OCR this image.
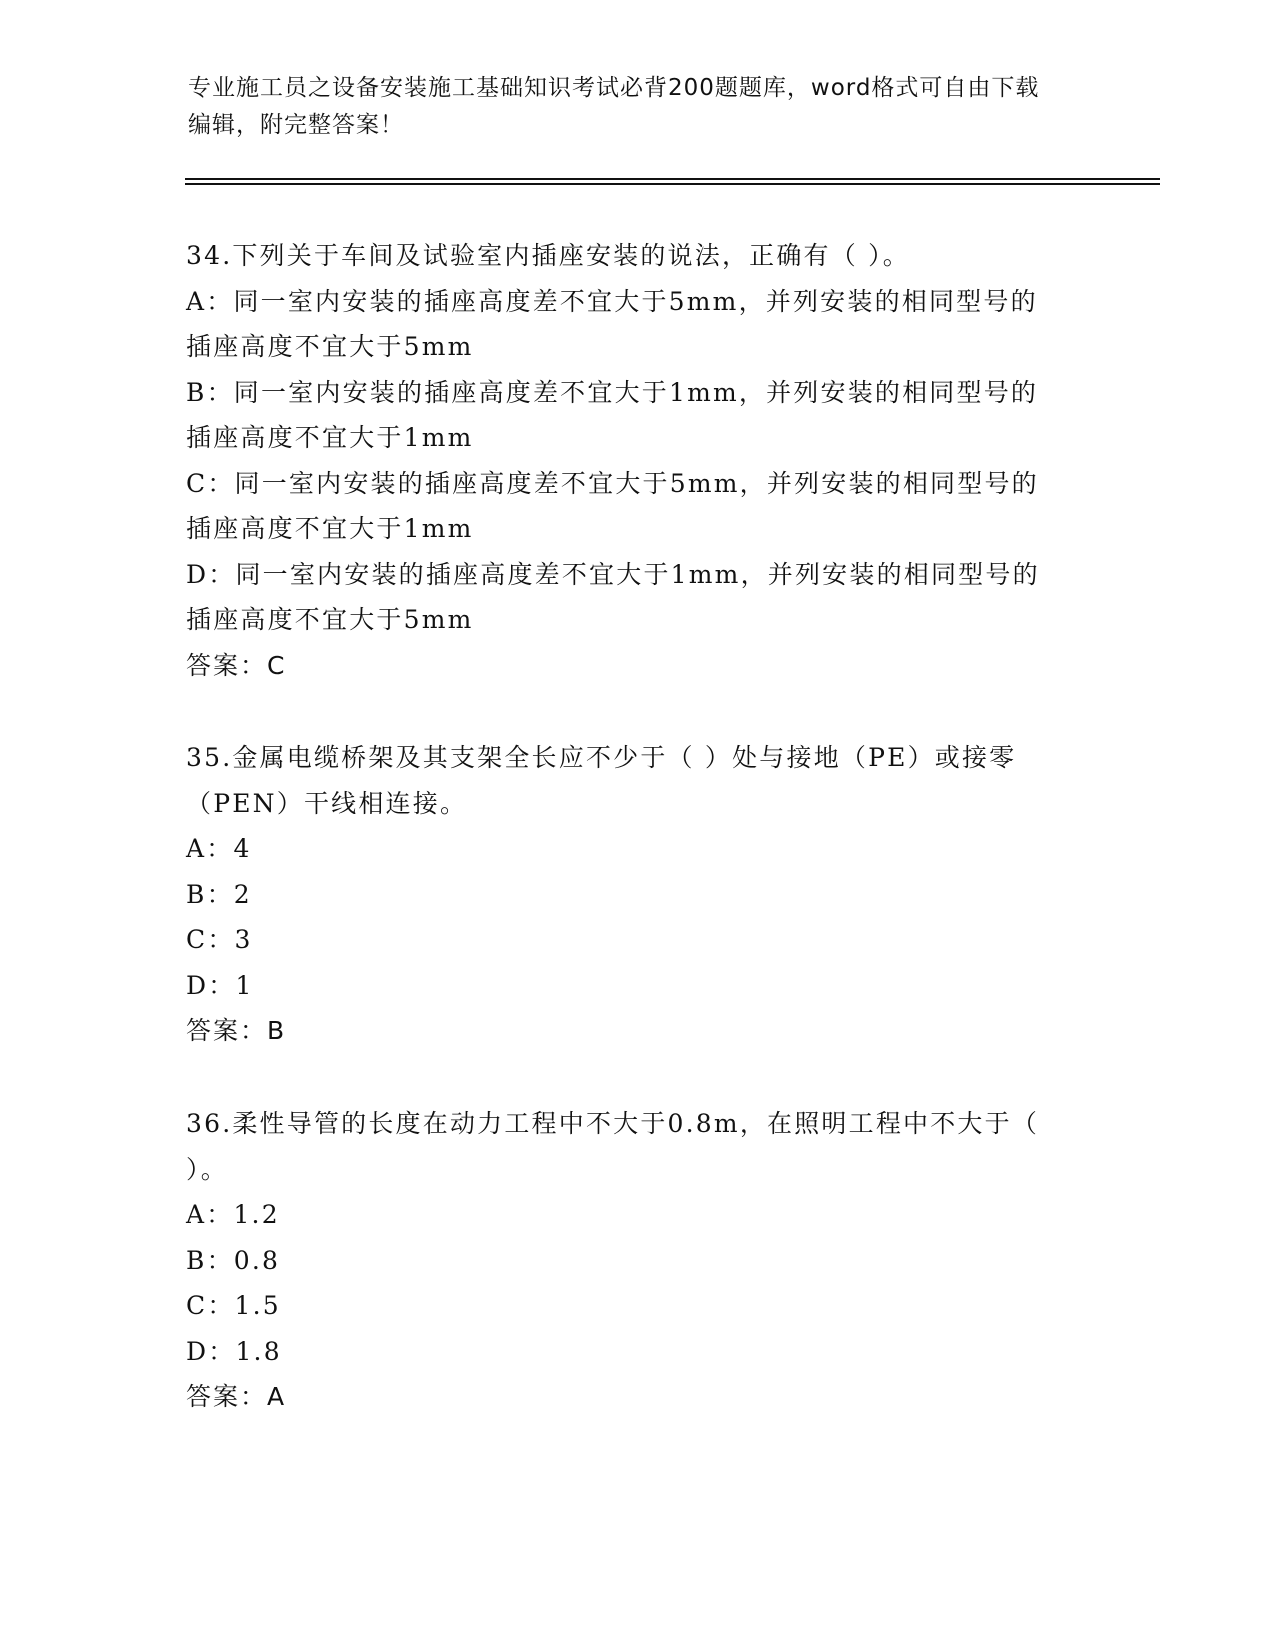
专业施工员之设备安装施工基础知识考试必背200题题库，word格式可自由下载
编辑，附完整答案！
34.下列关于车间及试验室内插座安装的说法，正确有（ ）。
A：同一室内安装的插座高度差不宜大于5mm，并列安装的相同型号的
插座高度不宜大于5mm
B：同一室内安装的插座高度差不宜大于1mm，并列安装的相同型号的
插座高度不宜大于1mm
C：同一室内安装的插座高度差不宜大于5mm，并列安装的相同型号的
插座高度不宜大于1mm
D：同一室内安装的插座高度差不宜大于1mm，并列安装的相同型号的
插座高度不宜大于5mm
答案：C
35.金属电缆桥架及其支架全长应不少于（ ）处与接地（PE）或接零
（PEN）干线相连接。
A：4
B：2
C：3
D：1
答案：B
36.柔性导管的长度在动力工程中不大于0.8m，在照明工程中不大于（
）。
A：1.2
B：0.8
C：1.5
D：1.8
答案：A
